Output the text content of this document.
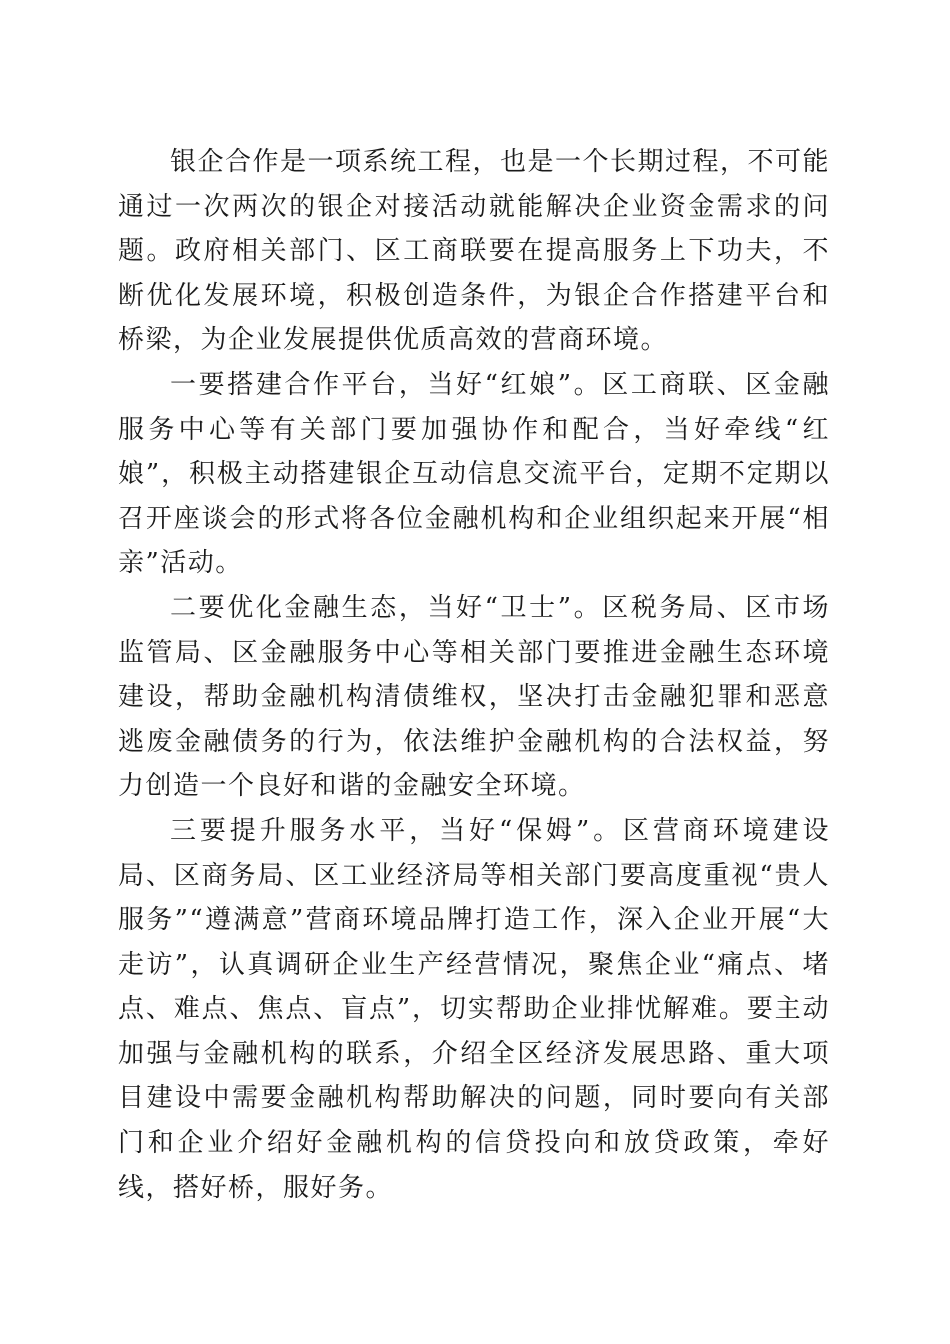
银企合作是一项系统工程，也是一个长期过程，不可能通过一次两次的银企对接活动就能解决企业资金需求的问题。政府相关部门、区工商联要在提高服务上下功夫，不断优化发展环境，积极创造条件，为银企合作搭建平台和桥梁，为企业发展提供优质高效的营商环境。

一要搭建合作平台，当好“红娘”。区工商联、区金融服务中心等有关部门要加强协作和配合，当好牵线“红娘”，积极主动搭建银企互动信息交流平台，定期不定期以召开座谈会的形式将各位金融机构和企业组织起来开展“相亲”活动。

二要优化金融生态，当好“卫士”。区税务局、区市场监管局、区金融服务中心等相关部门要推进金融生态环境建设，帮助金融机构清债维权，坚决打击金融犯罪和恶意逃废金融债务的行为，依法维护金融机构的合法权益，努力创造一个良好和谐的金融安全环境。

三要提升服务水平，当好“保姆”。区营商环境建设局、区商务局、区工业经济局等相关部门要高度重视“贵人服务”“遵满意”营商环境品牌打造工作，深入企业开展“大走访”，认真调研企业生产经营情况，聚焦企业“痛点、堵点、难点、焦点、盲点”，切实帮助企业排忧解难。要主动加强与金融机构的联系，介绍全区经济发展思路、重大项目建设中需要金融机构帮助解决的问题，同时要向有关部门和企业介绍好金融机构的信贷投向和放贷政策，牵好线，搭好桥，服好务。
